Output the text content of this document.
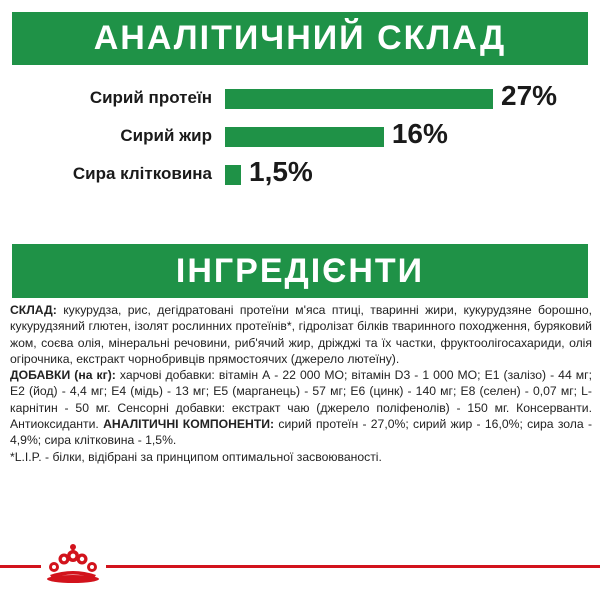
АНАЛІТИЧНИЙ СКЛАД
Сирий протеїн	27%
Сирий жир	16%
Сира клітковина 1,5%
ІНГРЕДІЄНТИ

СКЛАД: кукурудза, рис, дегідратовані протеїни м'яса птиці, тваринні жири, кукурудзяне борошно, кукурудзяний глютен, ізолят рослинних протеїнів*, гідролізат білків тваринного походження, буряковий жом, соєва олія, мінеральні речовини, риб'ячий жир, дріжджі та їх частки, фруктоолігосахариди, олія огірочника, екстракт чорнобривців прямостоячих (джерело лютеїну).

ДОБАВКИ (на кг): харчові добавки: вітамін А - 22 000 МО; вітамін D3 - 1 000 МО; E1 (залізо) - 44 мг; E2 (йод) - 4,4 мг; E4 (мідь) - 13 мг; E5 (марганець) - 57 мг; E6 (цинк) - 140 мг; E8 (селен) - 0,07 мг; L-карнітин - 50 мг. Сенсорні добавки: екстракт чаю (джерело поліфенолів) - 150 мг. Консерванти. Антиоксиданти. АНАЛІТИЧНІ КОМПОНЕНТИ: сирий протеїн - 27,0%; сирий жир - 16,0%; сира зола - 4,9%; сира клітковина - 1,5%.

*L.I.P. - білки, відібрані за принципом оптимальної засвоюваності.
